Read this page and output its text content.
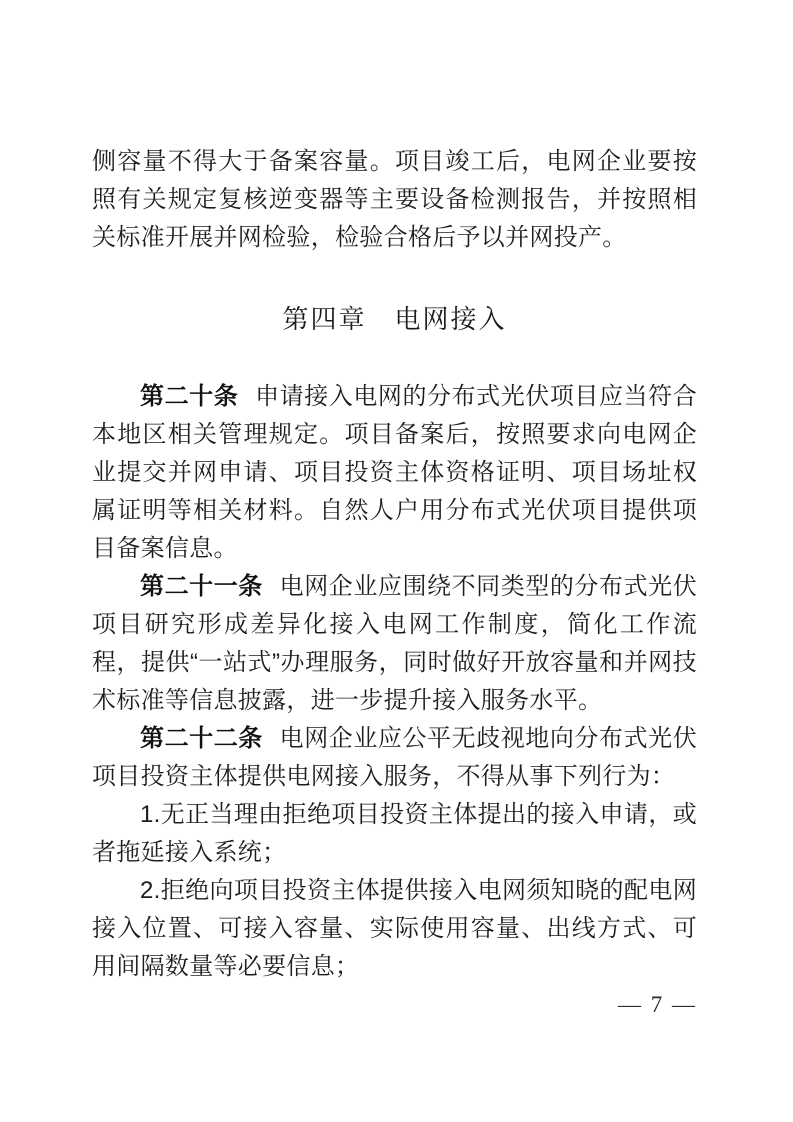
侧容量不得大于备案容量。项目竣工后，电网企业要按照有关规定复核逆变器等主要设备检测报告，并按照相关标准开展并网检验，检验合格后予以并网投产。

第四章　电网接入

第二十条 申请接入电网的分布式光伏项目应当符合本地区相关管理规定。项目备案后，按照要求向电网企业提交并网申请、项目投资主体资格证明、项目场址权属证明等相关材料。自然人户用分布式光伏项目提供项目备案信息。

第二十一条 电网企业应围绕不同类型的分布式光伏项目研究形成差异化接入电网工作制度，简化工作流程，提供“一站式”办理服务，同时做好开放容量和并网技术标准等信息披露，进一步提升接入服务水平。

第二十二条 电网企业应公平无歧视地向分布式光伏项目投资主体提供电网接入服务，不得从事下列行为：

1.无正当理由拒绝项目投资主体提出的接入申请，或者拖延接入系统；

2.拒绝向项目投资主体提供接入电网须知晓的配电网接入位置、可接入容量、实际使用容量、出线方式、可用间隔数量等必要信息；

— 7 —
